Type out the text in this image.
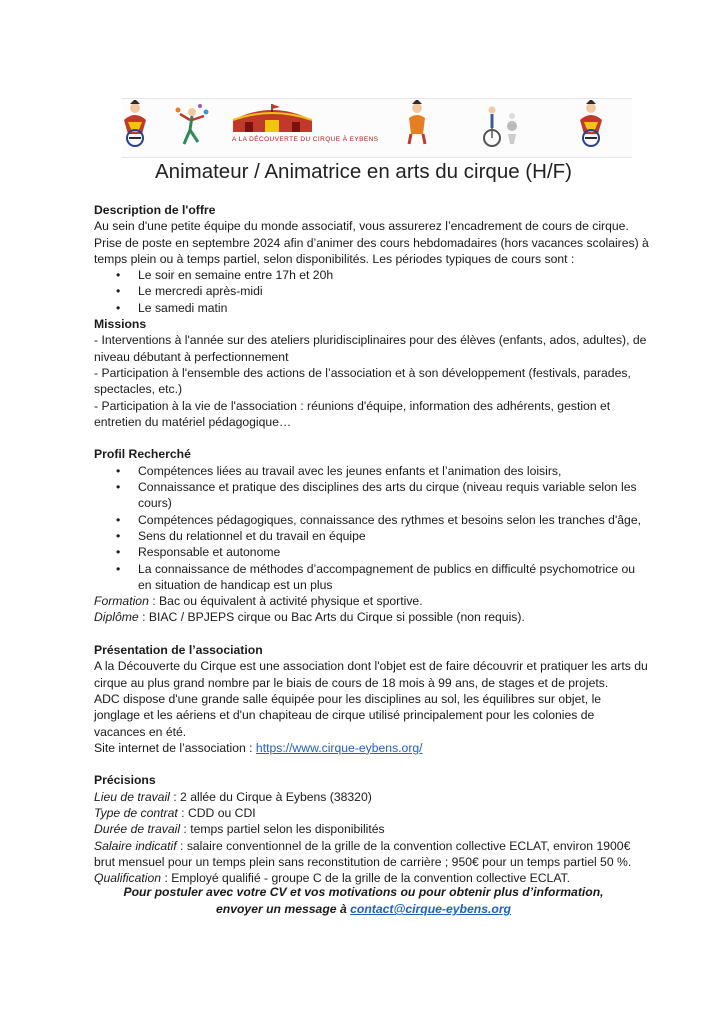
A LA DÉCOUVERTE DU CIRQUE À EYBENS
Animateur / Animatrice en arts du cirque (H/F)

Description de l'offre

Au sein d'une petite équipe du monde associatif, vous assurerez l’encadrement de cours de cirque.

Prise de poste en septembre 2024 afin d’animer des cours hebdomadaires (hors vacances scolaires) à temps plein ou à temps partiel, selon disponibilités. Les périodes typiques de cours sont :

• Le soir en semaine entre 17h et 20h
• Le mercredi après-midi
• Le samedi matin

Missions

- Interventions à l'année sur des ateliers pluridisciplinaires pour des élèves (enfants, ados, adultes), de niveau débutant à perfectionnement

- Participation à l'ensemble des actions de l’association et à son développement (festivals, parades, spectacles, etc.)

- Participation à la vie de l'association : réunions d'équipe, information des adhérents, gestion et entretien du matériel pédagogique…

Profil Recherché

• Compétences liées au travail avec les jeunes enfants et l’animation des loisirs,
• Connaissance et pratique des disciplines des arts du cirque (niveau requis variable selon les cours)
• Compétences pédagogiques, connaissance des rythmes et besoins selon les tranches d'âge,
• Sens du relationnel et du travail en équipe
• Responsable et autonome
• La connaissance de méthodes d’accompagnement de publics en difficulté psychomotrice ou en situation de handicap est un plus

Formation : Bac ou équivalent à activité physique et sportive.

Diplôme : BIAC / BPJEPS cirque ou Bac Arts du Cirque si possible (non requis).

Présentation de l’association

A la Découverte du Cirque est une association dont l'objet est de faire découvrir et pratiquer les arts du cirque au plus grand nombre par le biais de cours de 18 mois à 99 ans, de stages et de projets.

ADC dispose d'une grande salle équipée pour les disciplines au sol, les équilibres sur objet, le jonglage et les aériens et d'un chapiteau de cirque utilisé principalement pour les colonies de vacances en été.

Site internet de l’association : https://www.cirque-eybens.org/

Précisions

Lieu de travail : 2 allée du Cirque à Eybens (38320)

Type de contrat : CDD ou CDI

Durée de travail : temps partiel selon les disponibilités

Salaire indicatif : salaire conventionnel de la grille de la convention collective ECLAT, environ 1900€ brut mensuel pour un temps plein sans reconstitution de carrière ; 950€ pour un temps partiel 50 %.

Qualification : Employé qualifié - groupe C de la grille de la convention collective ECLAT.

Pour postuler avec votre CV et vos motivations ou pour obtenir plus d’information,
envoyer un message à contact@cirque-eybens.org
